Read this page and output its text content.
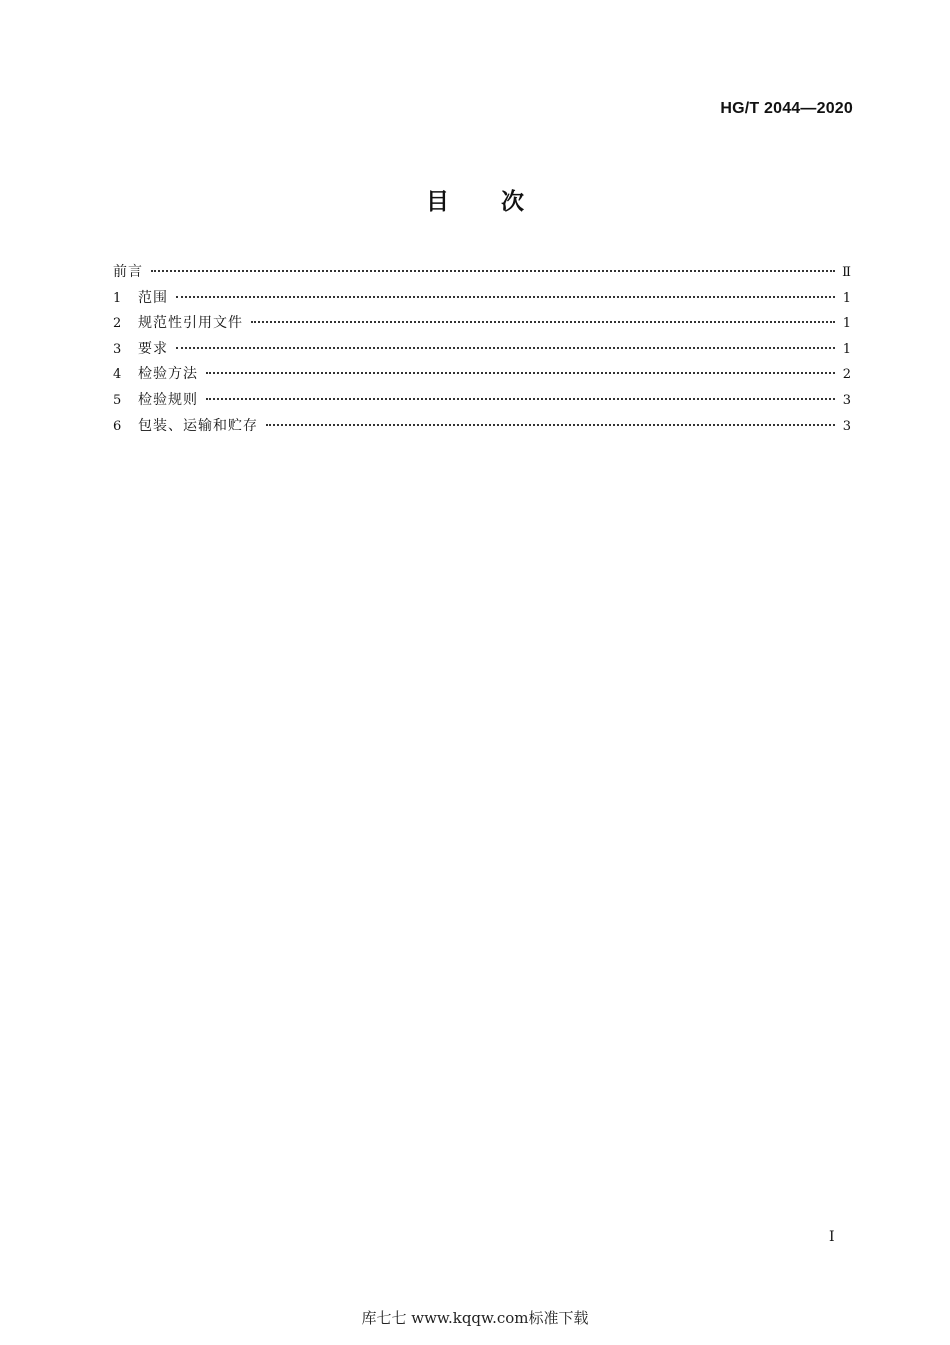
HG/T 2044—2020
目 次
前言	Ⅱ
1	范围	1
2	规范性引用文件	1
3	要求	1
4	检验方法	2
5	检验规则	3
6	包装、运输和贮存	3
I
库七七 www.kqqw.com标准下载
